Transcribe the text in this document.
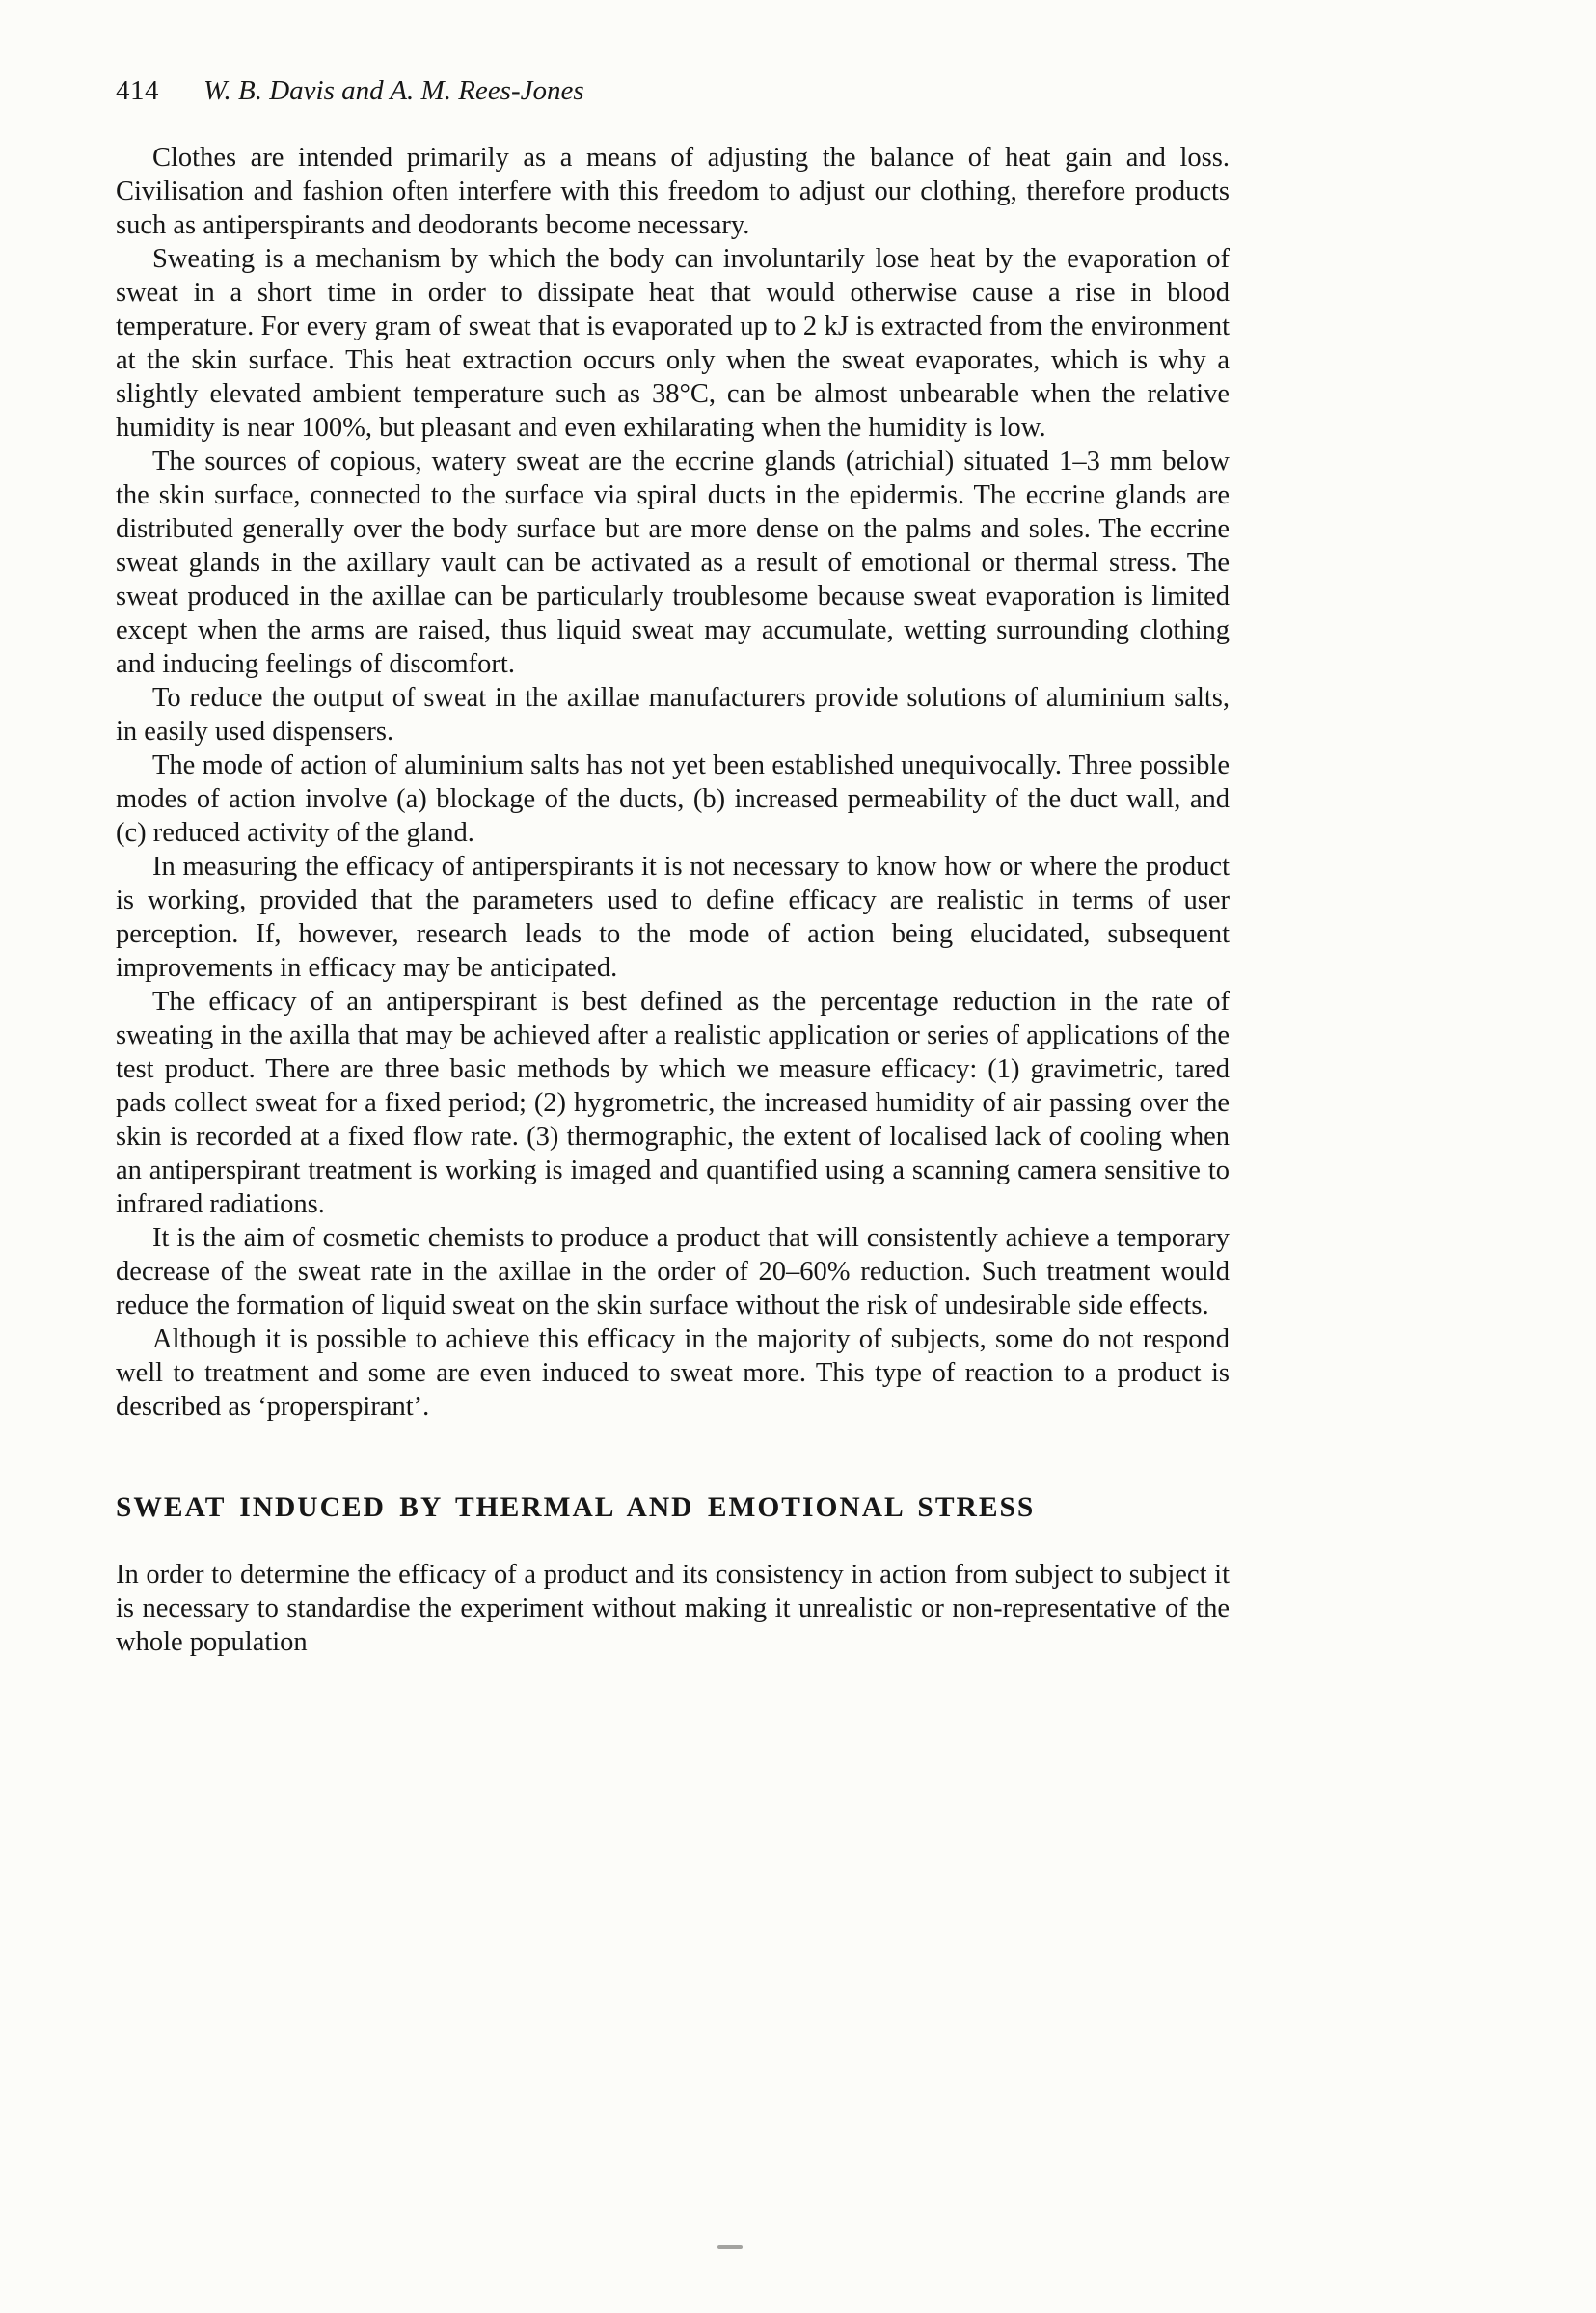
414 W. B. Davis and A. M. Rees-Jones

Clothes are intended primarily as a means of adjusting the balance of heat gain and loss. Civilisation and fashion often interfere with this freedom to adjust our clothing, therefore products such as antiperspirants and deodorants become necessary.

Sweating is a mechanism by which the body can involuntarily lose heat by the evaporation of sweat in a short time in order to dissipate heat that would otherwise cause a rise in blood temperature. For every gram of sweat that is evaporated up to 2 kJ is extracted from the environment at the skin surface. This heat extraction occurs only when the sweat evaporates, which is why a slightly elevated ambient temperature such as 38°C, can be almost unbearable when the relative humidity is near 100%, but pleasant and even exhilarating when the humidity is low.

The sources of copious, watery sweat are the eccrine glands (atrichial) situated 1–3 mm below the skin surface, connected to the surface via spiral ducts in the epidermis. The eccrine glands are distributed generally over the body surface but are more dense on the palms and soles. The eccrine sweat glands in the axillary vault can be activated as a result of emotional or thermal stress. The sweat produced in the axillae can be particularly troublesome because sweat evaporation is limited except when the arms are raised, thus liquid sweat may accumulate, wetting surrounding clothing and inducing feelings of discomfort.

To reduce the output of sweat in the axillae manufacturers provide solutions of aluminium salts, in easily used dispensers.

The mode of action of aluminium salts has not yet been established unequivocally. Three possible modes of action involve (a) blockage of the ducts, (b) increased permeability of the duct wall, and (c) reduced activity of the gland.

In measuring the efficacy of antiperspirants it is not necessary to know how or where the product is working, provided that the parameters used to define efficacy are realistic in terms of user perception. If, however, research leads to the mode of action being elucidated, subsequent improvements in efficacy may be anticipated.

The efficacy of an antiperspirant is best defined as the percentage reduction in the rate of sweating in the axilla that may be achieved after a realistic application or series of applications of the test product. There are three basic methods by which we measure efficacy: (1) gravimetric, tared pads collect sweat for a fixed period; (2) hygrometric, the increased humidity of air passing over the skin is recorded at a fixed flow rate. (3) thermographic, the extent of localised lack of cooling when an antiperspirant treatment is working is imaged and quantified using a scanning camera sensitive to infrared radiations.

It is the aim of cosmetic chemists to produce a product that will consistently achieve a temporary decrease of the sweat rate in the axillae in the order of 20–60% reduction. Such treatment would reduce the formation of liquid sweat on the skin surface without the risk of undesirable side effects.

Although it is possible to achieve this efficacy in the majority of subjects, some do not respond well to treatment and some are even induced to sweat more. This type of reaction to a product is described as ‘properspirant’.

SWEAT INDUCED BY THERMAL AND EMOTIONAL STRESS

In order to determine the efficacy of a product and its consistency in action from subject to subject it is necessary to standardise the experiment without making it unrealistic or non-representative of the whole population
